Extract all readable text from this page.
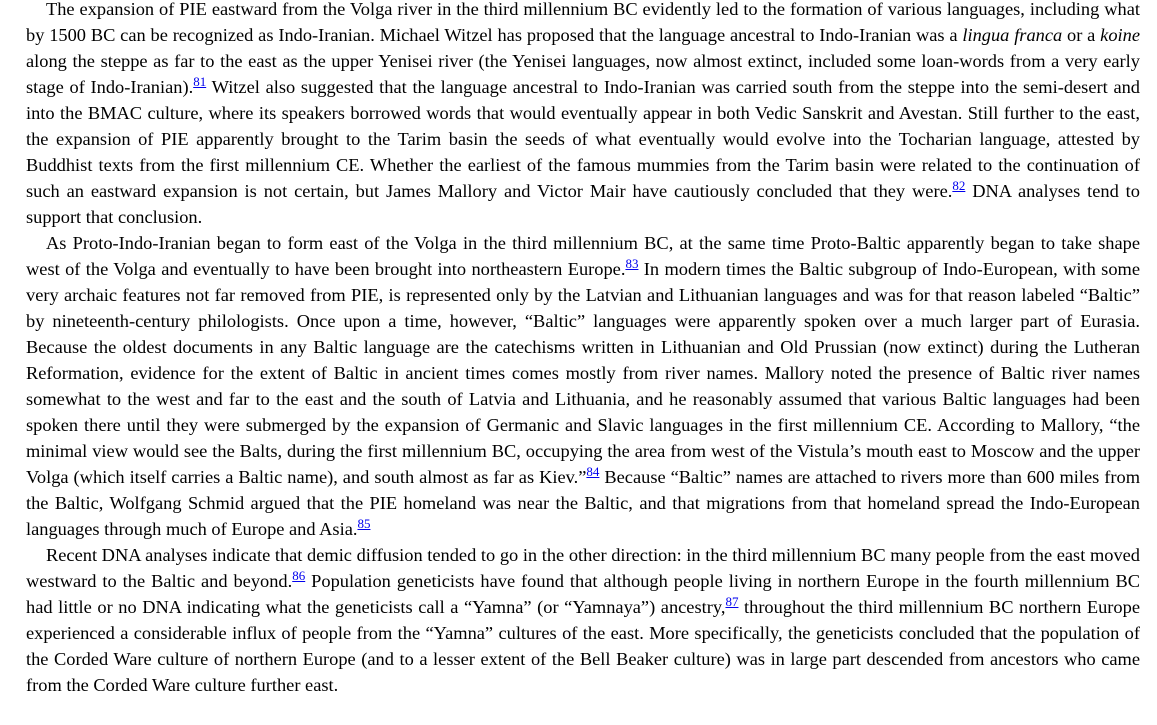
The expansion of PIE eastward from the Volga river in the third millennium BC evidently led to the formation of various languages, including what by 1500 BC can be recognized as Indo-Iranian. Michael Witzel has proposed that the language ancestral to Indo-Iranian was a lingua franca or a koine along the steppe as far to the east as the upper Yenisei river (the Yenisei languages, now almost extinct, included some loan-words from a very early stage of Indo-Iranian).$^{81}$ Witzel also suggested that the language ancestral to Indo-Iranian was carried south from the steppe into the semi-desert and into the BMAC culture, where its speakers borrowed words that would eventually appear in both Vedic Sanskrit and Avestan. Still further to the east, the expansion of PIE apparently brought to the Tarim basin the seeds of what eventually would evolve into the Tocharian language, attested by Buddhist texts from the first millennium CE. Whether the earliest of the famous mummies from the Tarim basin were related to the continuation of such an eastward expansion is not certain, but James Mallory and Victor Mair have cautiously concluded that they were.$^{82}$ DNA analyses tend to support that conclusion.

As Proto-Indo-Iranian began to form east of the Volga in the third millennium BC, at the same time Proto-Baltic apparently began to take shape west of the Volga and eventually to have been brought into northeastern Europe.$^{83}$ In modern times the Baltic subgroup of Indo-European, with some very archaic features not far removed from PIE, is represented only by the Latvian and Lithuanian languages and was for that reason labeled “Baltic” by nineteenth-century philologists. Once upon a time, however, “Baltic” languages were apparently spoken over a much larger part of Eurasia. Because the oldest documents in any Baltic language are the catechisms written in Lithuanian and Old Prussian (now extinct) during the Lutheran Reformation, evidence for the extent of Baltic in ancient times comes mostly from river names. Mallory noted the presence of Baltic river names somewhat to the west and far to the east and the south of Latvia and Lithuania, and he reasonably assumed that various Baltic languages had been spoken there until they were submerged by the expansion of Germanic and Slavic languages in the first millennium CE. According to Mallory, “the minimal view would see the Balts, during the first millennium BC, occupying the area from west of the Vistula’s mouth east to Moscow and the upper Volga (which itself carries a Baltic name), and south almost as far as Kiev.”$^{84}$ Because “Baltic” names are attached to rivers more than 600 miles from the Baltic, Wolfgang Schmid argued that the PIE homeland was near the Baltic, and that migrations from that homeland spread the Indo-European languages through much of Europe and Asia.$^{85}$

Recent DNA analyses indicate that demic diffusion tended to go in the other direction: in the third millennium BC many people from the east moved westward to the Baltic and beyond.$^{86}$ Population geneticists have found that although people living in northern Europe in the fourth millennium BC had little or no DNA indicating what the geneticists call a “Yamna” (or “Yamnaya”) ancestry,$^{87}$ throughout the third millennium BC northern Europe experienced a considerable influx of people from the “Yamna” cultures of the east. More specifically, the geneticists concluded that the population of the Corded Ware culture of northern Europe (and to a lesser extent of the Bell Beaker culture) was in large part descended from ancestors who came from the Corded Ware culture further east.
